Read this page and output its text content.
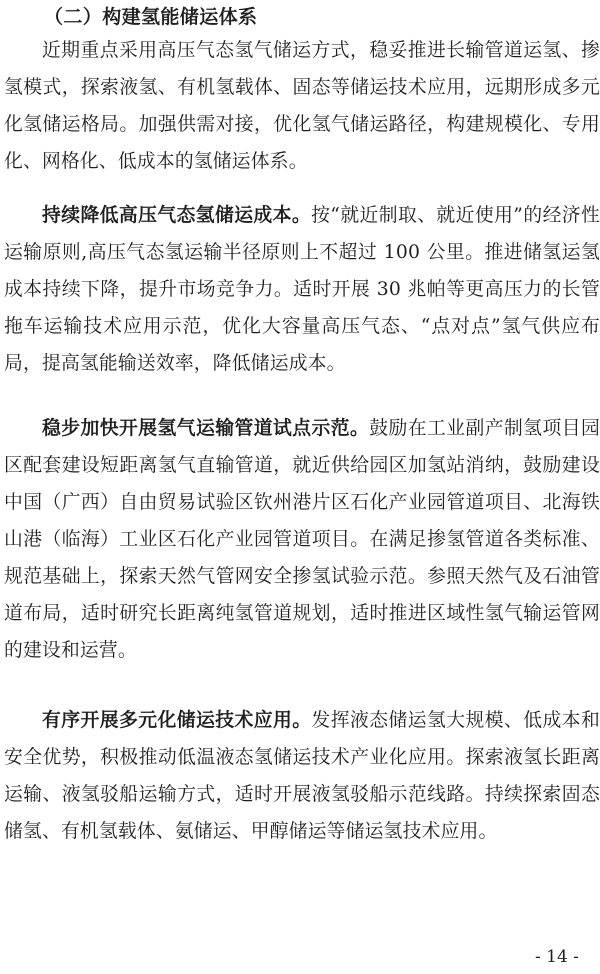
（二）构建氢能储运体系

近期重点采用高压气态氢气储运方式，稳妥推进长输管道运氢、掺氢模式，探索液氢、有机氢载体、固态等储运技术应用，远期形成多元化氢储运格局。加强供需对接，优化氢气储运路径，构建规模化、专用化、网格化、低成本的氢储运体系。

持续降低高压气态氢储运成本。按“就近制取、就近使用”的经济性运输原则,高压气态氢运输半径原则上不超过 100 公里。推进储氢运氢成本持续下降，提升市场竞争力。适时开展 30 兆帕等更高压力的长管拖车运输技术应用示范，优化大容量高压气态、“点对点”氢气供应布局，提高氢能输送效率，降低储运成本。

稳步加快开展氢气运输管道试点示范。鼓励在工业副产制氢项目园区配套建设短距离氢气直输管道，就近供给园区加氢站消纳，鼓励建设中国（广西）自由贸易试验区钦州港片区石化产业园管道项目、北海铁山港（临海）工业区石化产业园管道项目。在满足掺氢管道各类标准、规范基础上，探索天然气管网安全掺氢试验示范。参照天然气及石油管道布局，适时研究长距离纯氢管道规划，适时推进区域性氢气输运管网的建设和运营。

有序开展多元化储运技术应用。发挥液态储运氢大规模、低成本和安全优势，积极推动低温液态氢储运技术产业化应用。探索液氢长距离运输、液氢驳船运输方式，适时开展液氢驳船示范线路。持续探索固态储氢、有机氢载体、氨储运、甲醇储运等储运氢技术应用。

- 14 -
